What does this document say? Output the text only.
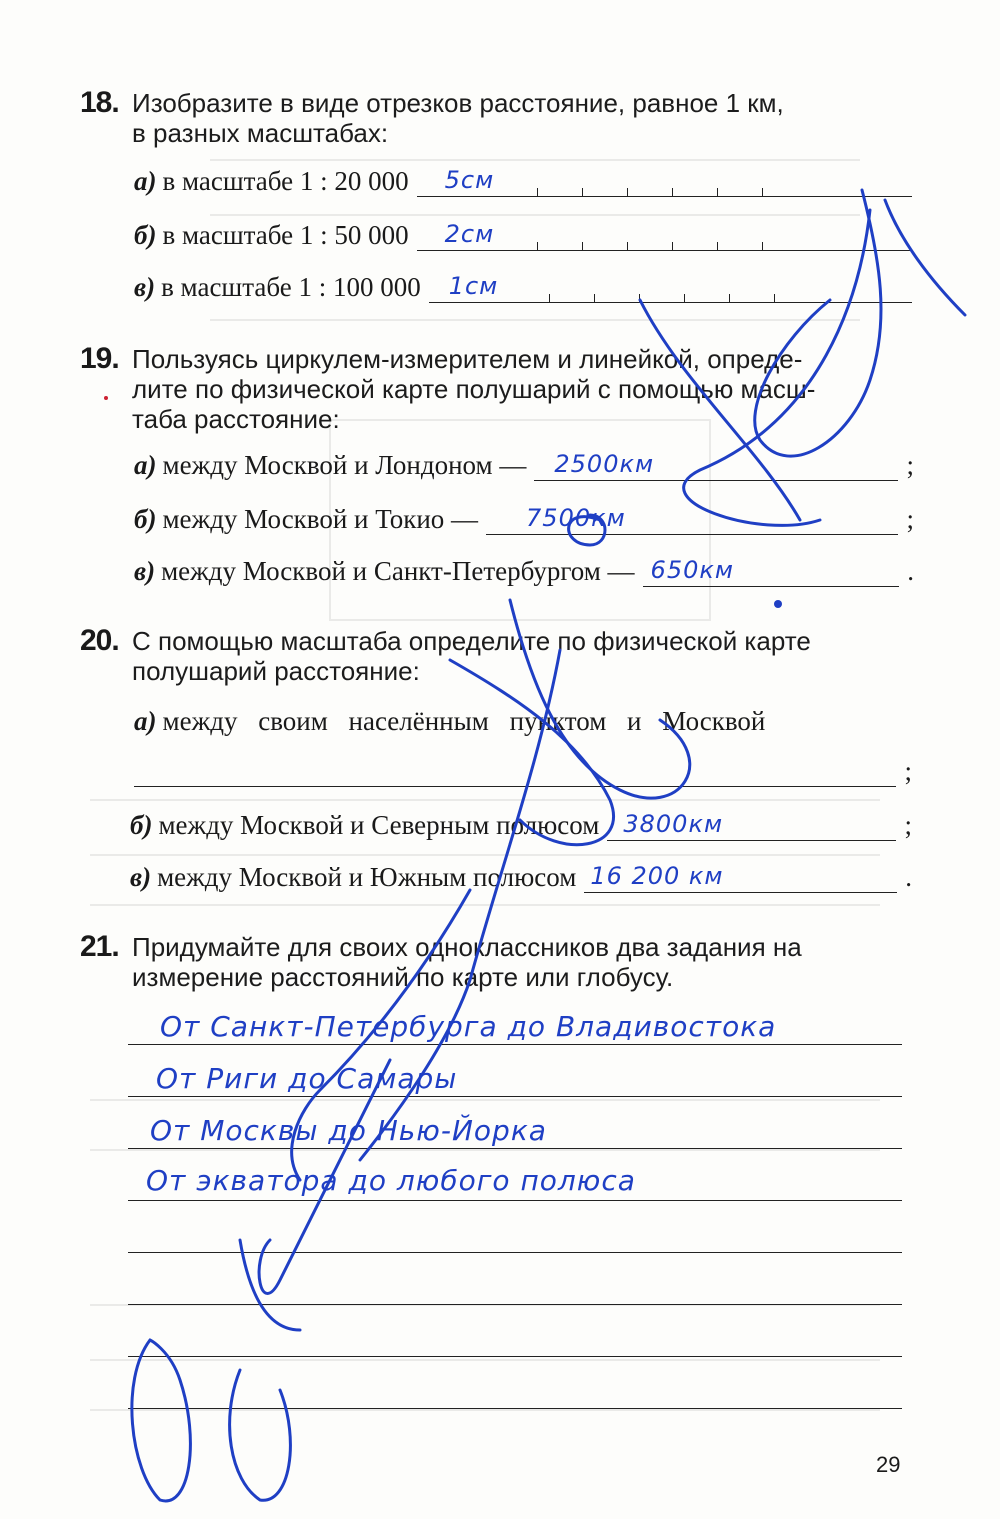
18. Изобразите в виде отрезков расстояние, равное 1 км,
в разных масштабах:
а) в масштабе 1 : 20 000 5см
б) в масштабе 1 : 50 000 2см
в) в масштабе 1 : 100 000 1см
19. Пользуясь циркулем-измерителем и линейкой, опреде-
лите по физической карте полушарий с помощью масш-
таба расстояние:
а) между Москвой и Лондоном — 2500км	;
б) между Москвой и Токио — 7500км	;
в) между Москвой и Санкт-Петербургом — 650км	.
20. С помощью масштаба определите по физической карте
полушарий расстояние:
а) между своим населённым пунктом и Москвой
;
б) между Москвой и Северным полюсом 3800км	;
в) между Москвой и Южным полюсом 16 200 км	.
21. Придумайте для своих одноклассников два задания на
измерение расстояний по карте или глобусу.
От Санкт-Петербурга до Владивостока
От Риги до Самары
От Москвы до Нью-Йорка
От экватора до любого полюса
29
